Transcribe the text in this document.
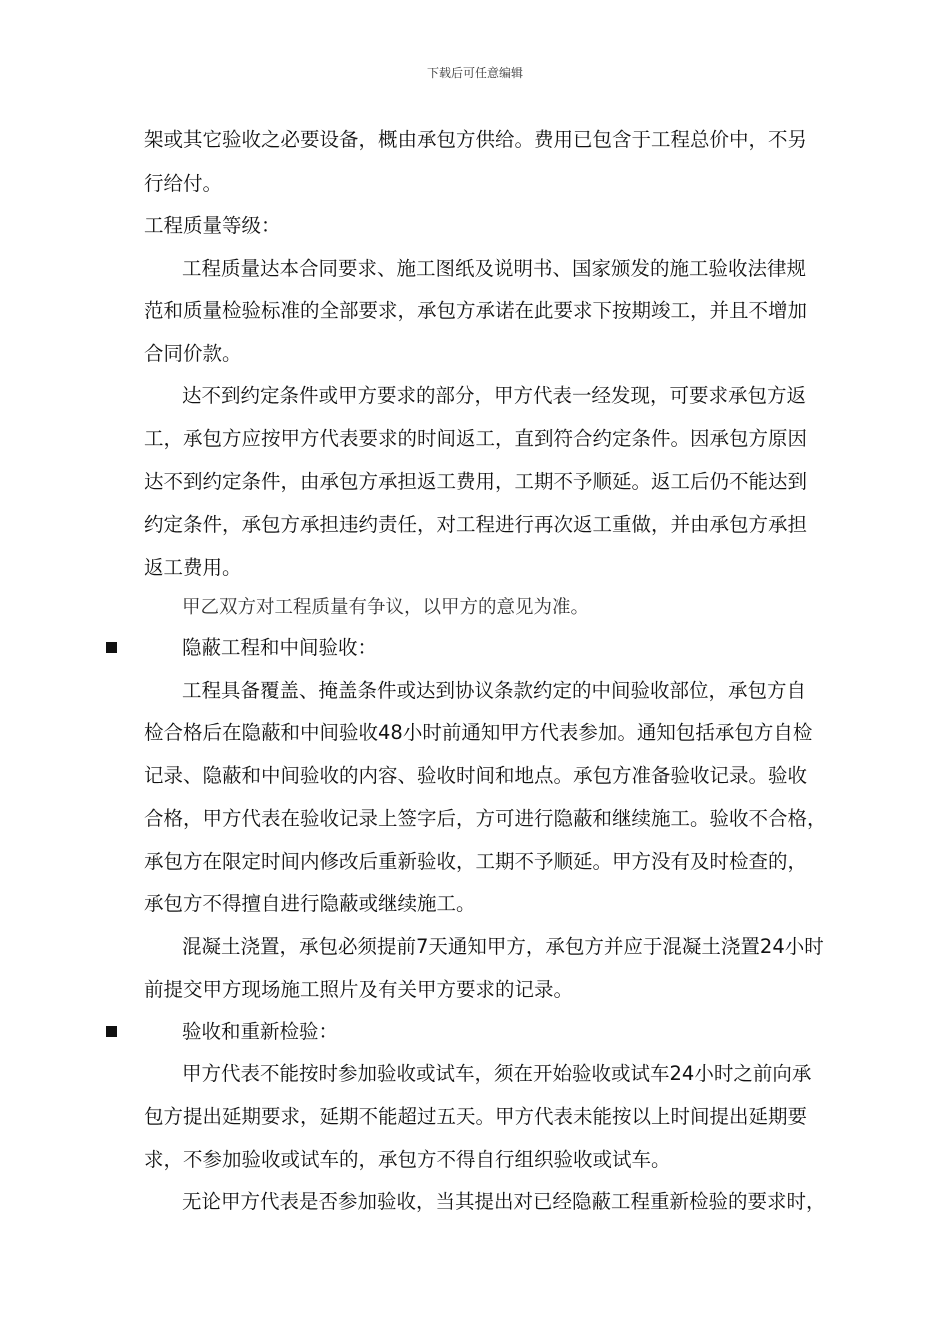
下载后可任意编辑
架或其它验收之必要设备，概由承包方供给。费用已包含于工程总价中，不另
行给付。
工程质量等级：
工程质量达本合同要求、施工图纸及说明书、国家颁发的施工验收法律规
范和质量检验标准的全部要求，承包方承诺在此要求下按期竣工，并且不增加
合同价款。
达不到约定条件或甲方要求的部分，甲方代表一经发现，可要求承包方返
工，承包方应按甲方代表要求的时间返工，直到符合约定条件。因承包方原因
达不到约定条件，由承包方承担返工费用，工期不予顺延。返工后仍不能达到
约定条件，承包方承担违约责任，对工程进行再次返工重做，并由承包方承担
返工费用。
甲乙双方对工程质量有争议，以甲方的意见为准。
隐蔽工程和中间验收：
工程具备覆盖、掩盖条件或达到协议条款约定的中间验收部位，承包方自
检合格后在隐蔽和中间验收48小时前通知甲方代表参加。通知包括承包方自检
记录、隐蔽和中间验收的内容、验收时间和地点。承包方准备验收记录。验收
合格，甲方代表在验收记录上签字后，方可进行隐蔽和继续施工。验收不合格，
承包方在限定时间内修改后重新验收，工期不予顺延。甲方没有及时检查的，
承包方不得擅自进行隐蔽或继续施工。
混凝土浇置，承包必须提前7天通知甲方，承包方并应于混凝土浇置24小时
前提交甲方现场施工照片及有关甲方要求的记录。
验收和重新检验：
甲方代表不能按时参加验收或试车，须在开始验收或试车24小时之前向承
包方提出延期要求，延期不能超过五天。甲方代表未能按以上时间提出延期要
求，不参加验收或试车的，承包方不得自行组织验收或试车。
无论甲方代表是否参加验收，当其提出对已经隐蔽工程重新检验的要求时，
